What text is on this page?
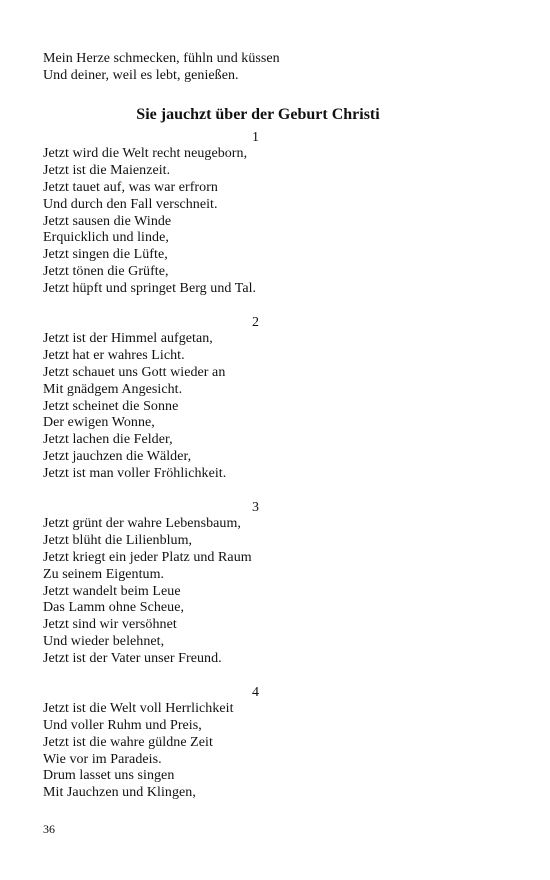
Mein Herze schmecken, fühln und küssen
Und deiner, weil es lebt, genießen.
Sie jauchzt über der Geburt Christi
1
Jetzt wird die Welt recht neugeborn,
Jetzt ist die Maienzeit.
Jetzt tauet auf, was war erfrorn
Und durch den Fall verschneit.
Jetzt sausen die Winde
Erquicklich und linde,
Jetzt singen die Lüfte,
Jetzt tönen die Grüfte,
Jetzt hüpft und springet Berg und Tal.
2
Jetzt ist der Himmel aufgetan,
Jetzt hat er wahres Licht.
Jetzt schauet uns Gott wieder an
Mit gnädgem Angesicht.
Jetzt scheinet die Sonne
Der ewigen Wonne,
Jetzt lachen die Felder,
Jetzt jauchzen die Wälder,
Jetzt ist man voller Fröhlichkeit.
3
Jetzt grünt der wahre Lebensbaum,
Jetzt blüht die Lilienblum,
Jetzt kriegt ein jeder Platz und Raum
Zu seinem Eigentum.
Jetzt wandelt beim Leue
Das Lamm ohne Scheue,
Jetzt sind wir versöhnet
Und wieder belehnet,
Jetzt ist der Vater unser Freund.
4
Jetzt ist die Welt voll Herrlichkeit
Und voller Ruhm und Preis,
Jetzt ist die wahre güldne Zeit
Wie vor im Paradeis.
Drum lasset uns singen
Mit Jauchzen und Klingen,
36
